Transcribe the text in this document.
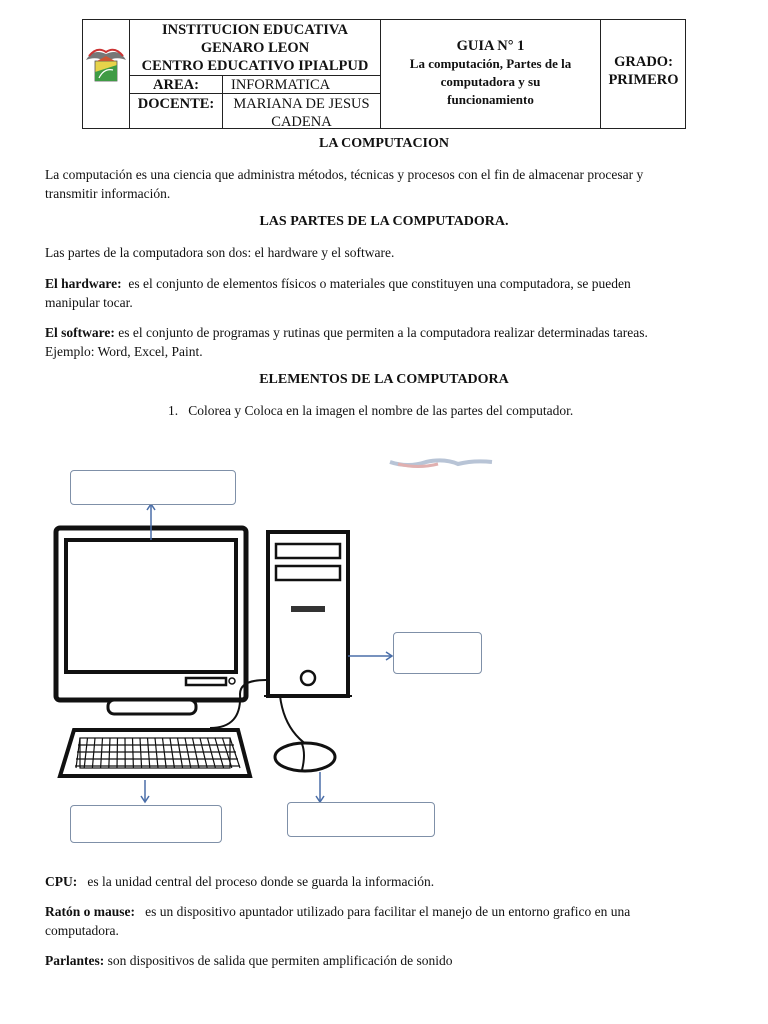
INSTITUCION EDUCATIVA
GENARO LEON
CENTRO EDUCATIVO IPIALPUD
AREA:	INFORMATICA
DOCENTE:	MARIANA DE JESUS
CADENA
GUIA N° 1
La computación, Partes de la
computadora y su
funcionamiento
GRADO:
PRIMERO
LA COMPUTACION
La computación es una ciencia que administra métodos, técnicas y procesos con el fin de almacenar procesar y
transmitir información.
LAS PARTES DE LA COMPUTADORA.
Las partes de la computadora son dos: el hardware y el software.
El hardware: es el conjunto de elementos físicos o materiales que constituyen una computadora, se pueden
manipular tocar.
El software: es el conjunto de programas y rutinas que permiten a la computadora realizar determinadas tareas.
Ejemplo: Word, Excel, Paint.
ELEMENTOS DE LA COMPUTADORA
1. Colorea y Coloca en la imagen el nombre de las partes del computador.
CPU: es la unidad central del proceso donde se guarda la información.
Ratón o mause: es un dispositivo apuntador utilizado para facilitar el manejo de un entorno grafico en una
computadora.
Parlantes: son dispositivos de salida que permiten amplificación de sonido
